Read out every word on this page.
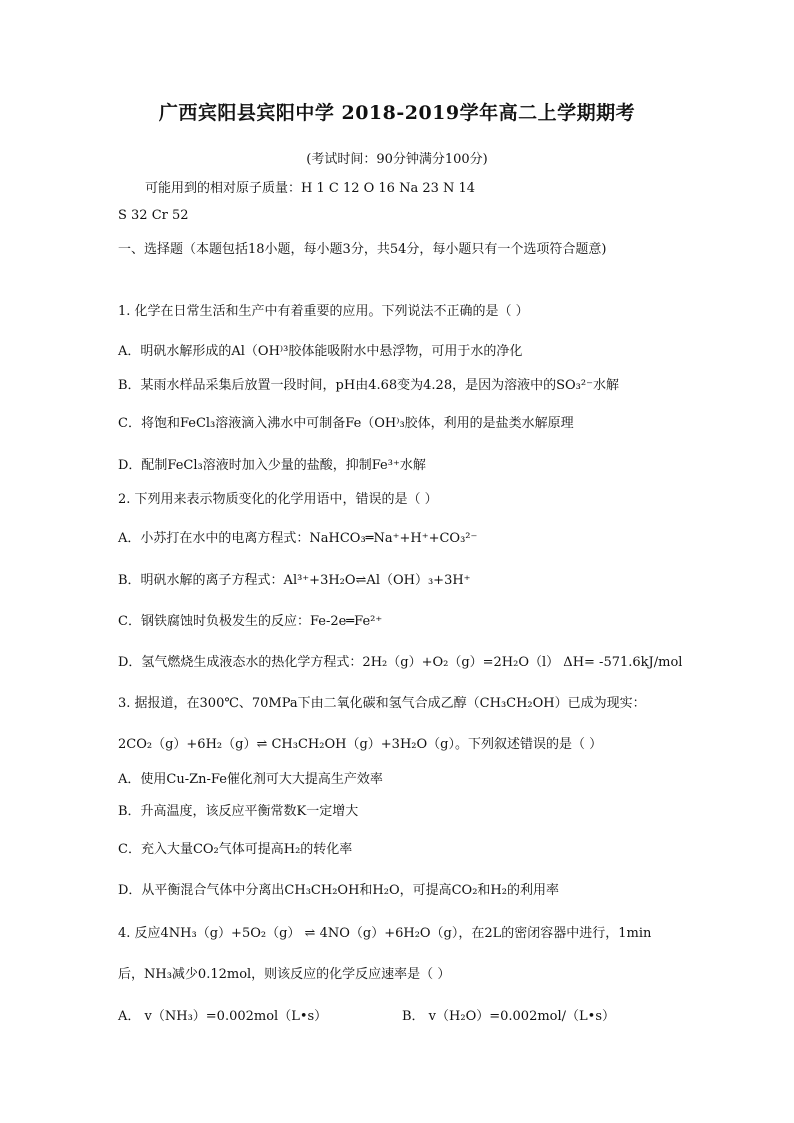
广西宾阳县宾阳中学 2018-2019学年高二上学期期考
(考试时间：90分钟满分100分)
可能用到的相对原子质量：H 1 C 12 O 16 Na 23 N 14
S 32 Cr 52
一、选择题（本题包括18小题，每小题3分，共54分，每小题只有一个选项符合题意)
1. 化学在日常生活和生产中有着重要的应用。下列说法不正确的是（ ）
A．明矾水解形成的Al（OH⁾³胶体能吸附水中悬浮物，可用于水的净化
B．某雨水样品采集后放置一段时间，pH由4.68变为4.28，是因为溶液中的SO₃²⁻水解
C．将饱和FeCl₃溶液滴入沸水中可制备Fe（OH⁾₃胶体，利用的是盐类水解原理
D．配制FeCl₃溶液时加入少量的盐酸，抑制Fe³⁺水解
2. 下列用来表示物质变化的化学用语中，错误的是（ ）
A．小苏打在水中的电离方程式：NaHCO₃═Na⁺+H⁺+CO₃²⁻
B．明矾水解的离子方程式：Al³⁺+3H₂O⇌Al（OH）₃+3H⁺
C．钢铁腐蚀时负极发生的反应：Fe-2e═Fe²⁺
D．氢气燃烧生成液态水的热化学方程式：2H₂（g）+O₂（g）=2H₂O（l） ΔH= -571.6kJ/mol
3. 据报道，在300℃、70MPa下由二氧化碳和氢气合成乙醇（CH₃CH₂OH）已成为现实：
2CO₂（g）+6H₂（g）⇌ CH₃CH₂OH（g）+3H₂O（g）。下列叙述错误的是（ ）
A．使用Cu-Zn-Fe催化剂可大大提高生产效率
B．升高温度，该反应平衡常数K一定增大
C．充入大量CO₂气体可提高H₂的转化率
D．从平衡混合气体中分离出CH₃CH₂OH和H₂O，可提高CO₂和H₂的利用率
4. 反应4NH₃（g）+5O₂（g） ⇌ 4NO（g）+6H₂O（g），在2L的密闭容器中进行，1min
后，NH₃减少0.12mol，则该反应的化学反应速率是（ ）
A． v（NH₃）=0.002mol（L•s）	B． v（H₂O）=0.002mol/（L•s）
